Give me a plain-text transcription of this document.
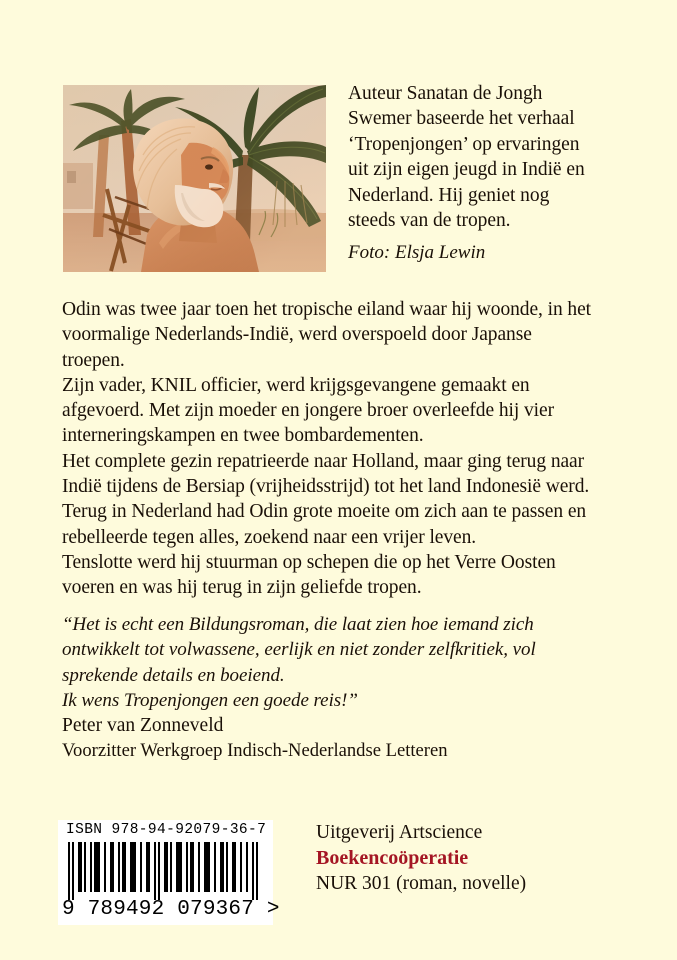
Auteur Sanatan de Jongh Swemer baseerde het verhaal ‘Tropenjongen’ op ervaringen uit zijn eigen jeugd in Indië en Nederland. Hij geniet nog steeds van de tropen.

Foto: Elsja Lewin

Odin was twee jaar toen het tropische eiland waar hij woonde, in het voormalige Nederlands-Indië, werd overspoeld door Japanse troepen.

Zijn vader, KNIL officier, werd krijgsgevangene gemaakt en afgevoerd. Met zijn moeder en jongere broer overleefde hij vier interneringskampen en twee bombardementen.

Het complete gezin repatrieerde naar Holland, maar ging terug naar Indië tijdens de Bersiap (vrijheidsstrijd) tot het land Indonesië werd.

Terug in Nederland had Odin grote moeite om zich aan te passen en rebelleerde tegen alles, zoekend naar een vrijer leven.

Tenslotte werd hij stuurman op schepen die op het Verre Oosten voeren en was hij terug in zijn geliefde tropen.

“Het is echt een Bildungsroman, die laat zien hoe iemand zich ontwikkelt tot volwassene, eerlijk en niet zonder zelfkritiek, vol sprekende details en boeiend.

Ik wens Tropenjongen een goede reis!”

Peter van Zonneveld

Voorzitter Werkgroep Indisch-Nederlandse Letteren

ISBN 978-94-92079-36-7
9 789492 079367 >

Uitgeverij Artscience

Boekencoöperatie

NUR 301 (roman, novelle)
